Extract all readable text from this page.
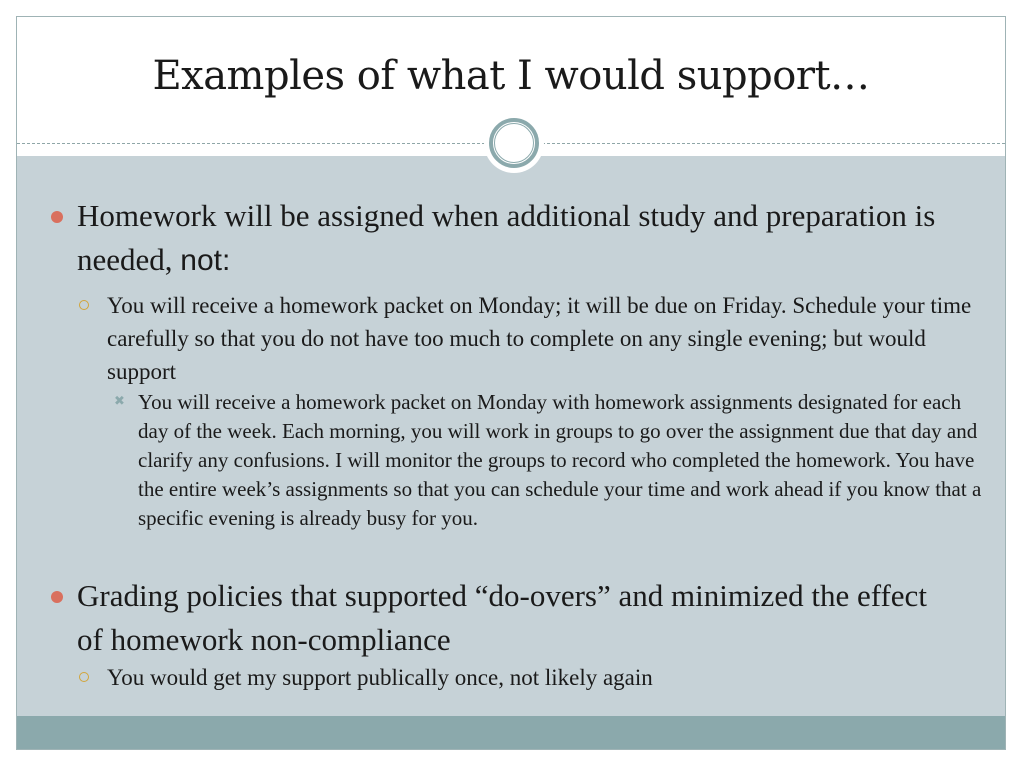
Examples of what I would support…
Homework will be assigned when additional study and preparation is needed, not:
You will receive a homework packet on Monday; it will be due on Friday. Schedule your time carefully so that you do not have too much to complete on any single evening; but would support
✖ You will receive a homework packet on Monday with homework assignments designated for each day of the week. Each morning, you will work in groups to go over the assignment due that day and clarify any confusions. I will monitor the groups to record who completed the homework. You have the entire week’s assignments so that you can schedule your time and work ahead if you know that a specific evening is already busy for you.
Grading policies that supported “do-overs” and minimized the effect of homework non-compliance
You would get my support publically once, not likely again
